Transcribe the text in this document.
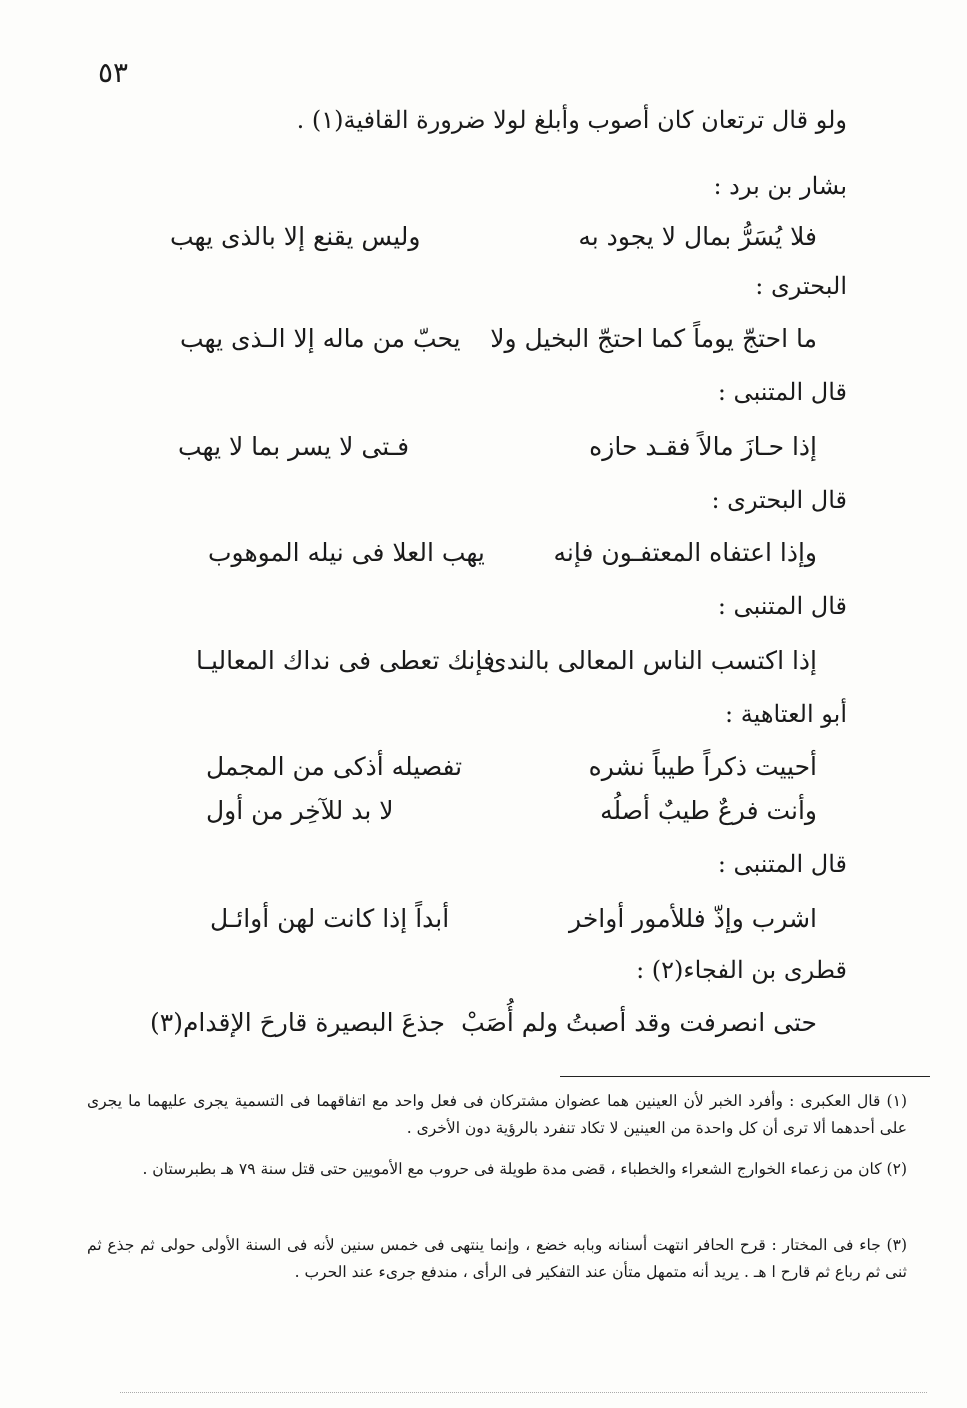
٥٣
ولو قال ترتعان كان أصوب وأبلغ لولا ضرورة القافية(١) .
بشار بن برد :
فلا يُسَرُّ بمال لا يجود به
وليس يقنع إلا بالذى يهب
البحترى :
ما احتجّ يوماً كما احتجّ البخيل ولا
يحبّ من ماله إلا الـذى يهب
قال المتنبى :
إذا حـازَ مالاً فقـد حازه
فـتى لا يسر بما لا يهب
قال البحترى :
وإذا اعتفاه المعتفـون فإنه
يهب العلا فى نيله الموهوب
قال المتنبى :
إذا اكتسب الناس المعالى بالندى
فإنك تعطى فى نداك المعاليـا
أبو العتاهية :
أحييت ذكراً طيباً نشره
تفصيله أذكى من المجمل
وأنت فرعٌ طيبٌ أصلُه
لا بد للآخِر من أول
قال المتنبى :
اشرب وإذّ فللأمور أواخر
أبداً إذا كانت لهن أوائـل
قطرى بن الفجاء(٢) :
حتى انصرفت وقد أصبتُ ولم أُصَبْ
جذعَ البصيرة قارحَ الإقدام(٣)
(١) قال العكبرى : وأفرد الخبر لأن العينين هما عضوان مشتركان فى فعل واحد مع اتفاقهما فى التسمية يجرى عليهما ما يجرى على أحدهما ألا ترى أن كل واحدة من العينين لا تكاد تنفرد بالرؤية دون الأخرى .
(٢) كان من زعماء الخوارج الشعراء والخطباء ، قضى مدة طويلة فى حروب مع الأمويين حتى قتل سنة ٧٩ هـ بطبرستان .
(٣) جاء فى المختار : قرح الحافر انتهت أسنانه وبابه خضع ، وإنما ينتهى فى خمس سنين لأنه فى السنة الأولى حولى ثم جذع ثم ثنى ثم رباع ثم قارح ا هـ . يريد أنه متمهل متأن عند التفكير فى الرأى ، مندفع جرىء عند الحرب .
